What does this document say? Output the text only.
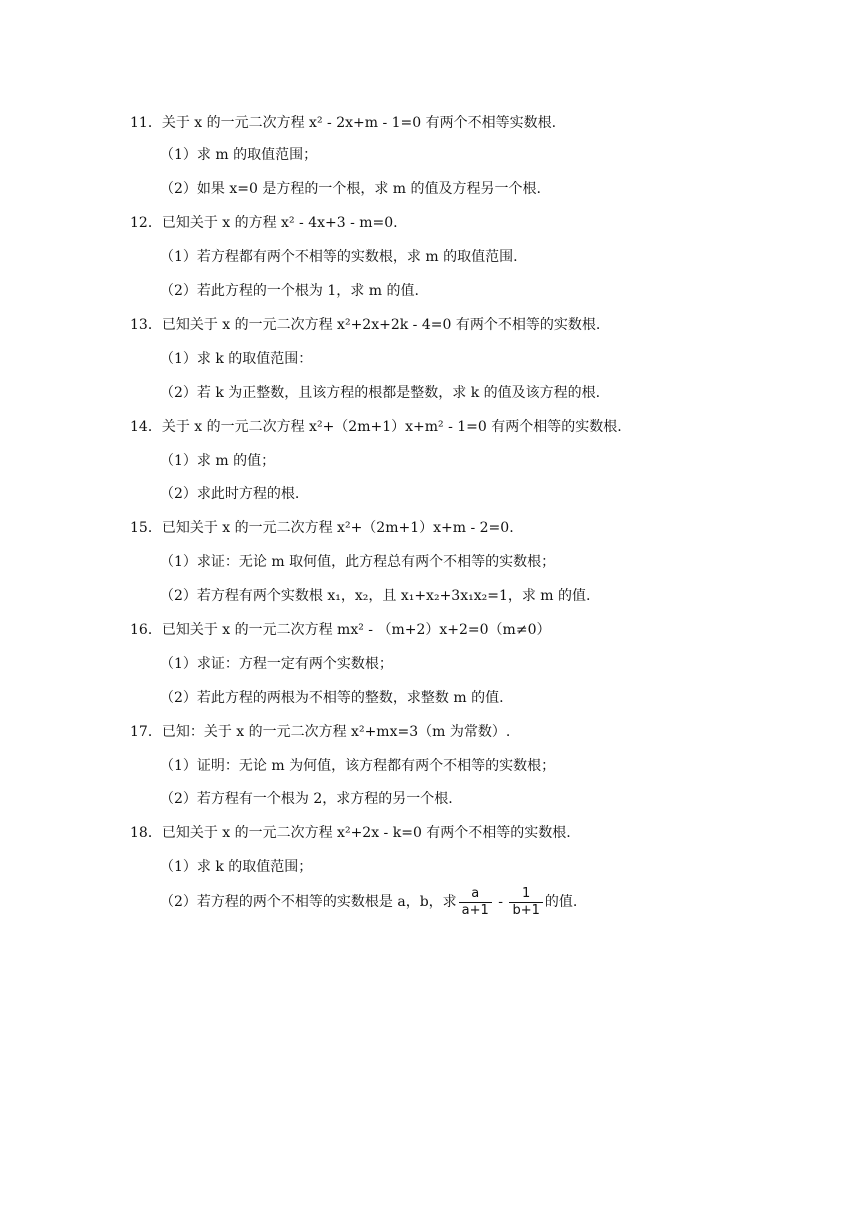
11．关于 x 的一元二次方程 x² - 2x+m - 1=0 有两个不相等实数根.
（1）求 m 的取值范围；
（2）如果 x=0 是方程的一个根，求 m 的值及方程另一个根.
12．已知关于 x 的方程 x² - 4x+3 - m=0.
（1）若方程都有两个不相等的实数根，求 m 的取值范围.
（2）若此方程的一个根为 1，求 m 的值.
13．已知关于 x 的一元二次方程 x²+2x+2k - 4=0 有两个不相等的实数根.
（1）求 k 的取值范围：
（2）若 k 为正整数，且该方程的根都是整数，求 k 的值及该方程的根.
14．关于 x 的一元二次方程 x²+（2m+1）x+m² - 1=0 有两个相等的实数根.
（1）求 m 的值；
（2）求此时方程的根.
15．已知关于 x 的一元二次方程 x²+（2m+1）x+m - 2=0.
（1）求证：无论 m 取何值，此方程总有两个不相等的实数根；
（2）若方程有两个实数根 x₁，x₂，且 x₁+x₂+3x₁x₂=1，求 m 的值.
16．已知关于 x 的一元二次方程 mx² - （m+2）x+2=0（m≠0）
（1）求证：方程一定有两个实数根；
（2）若此方程的两根为不相等的整数，求整数 m 的值.
17．已知：关于 x 的一元二次方程 x²+mx=3（m 为常数）.
（1）证明：无论 m 为何值，该方程都有两个不相等的实数根；
（2）若方程有一个根为 2，求方程的另一个根.
18．已知关于 x 的一元二次方程 x²+2x - k=0 有两个不相等的实数根.
（1）求 k 的取值范围；
（2）若方程的两个不相等的实数根是 a，b，求 $\frac{a}{a+1} - \frac{1}{b+1}$ 的值.
